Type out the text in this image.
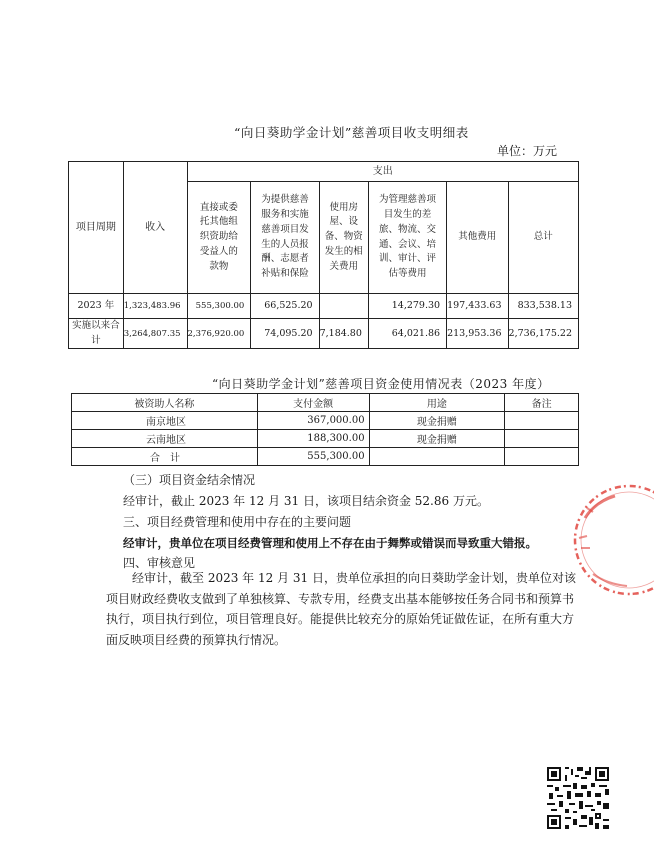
“向日葵助学金计划”慈善项目收支明细表
单位：万元
项目周期	收入	支出					
		直接或委托其他组织资助给受益人的款物	为提供慈善服务和实施慈善项目发生的人员报酬、志愿者补贴和保险	使用房屋、设备、物资发生的相关费用	为管理慈善项目发生的差旅、物流、交通、会议、培训、审计、评估等费用	其他费用	总计
2023 年	1,323,483.96	555,300.00	66,525.20		14,279.30	197,433.63	833,538.13
实施以来合计	3,264,807.35	2,376,920.00	74,095.20	7,184.80	64,021.86	213,953.36	2,736,175.22
“向日葵助学金计划”慈善项目资金使用情况表（2023 年度）
被资助人名称	支付金额	用途	备注
南京地区	367,000.00	现金捐赠	
云南地区	188,300.00	现金捐赠	
合　计	555,300.00		
（三）项目资金结余情况
经审计，截止 2023 年 12 月 31 日，该项目结余资金 52.86 万元。
三、项目经费管理和使用中存在的主要问题
经审计，贵单位在项目经费管理和使用上不存在由于舞弊或错误而导致重大错报。
四、审核意见
经审计，截至 2023 年 12 月 31 日，贵单位承担的向日葵助学金计划，贵单位对该项目财政经费收支做到了单独核算、专款专用，经费支出基本能够按任务合同书和预算书执行，项目执行到位，项目管理良好。能提供比较充分的原始凭证做佐证，在所有重大方面反映项目经费的预算执行情况。
